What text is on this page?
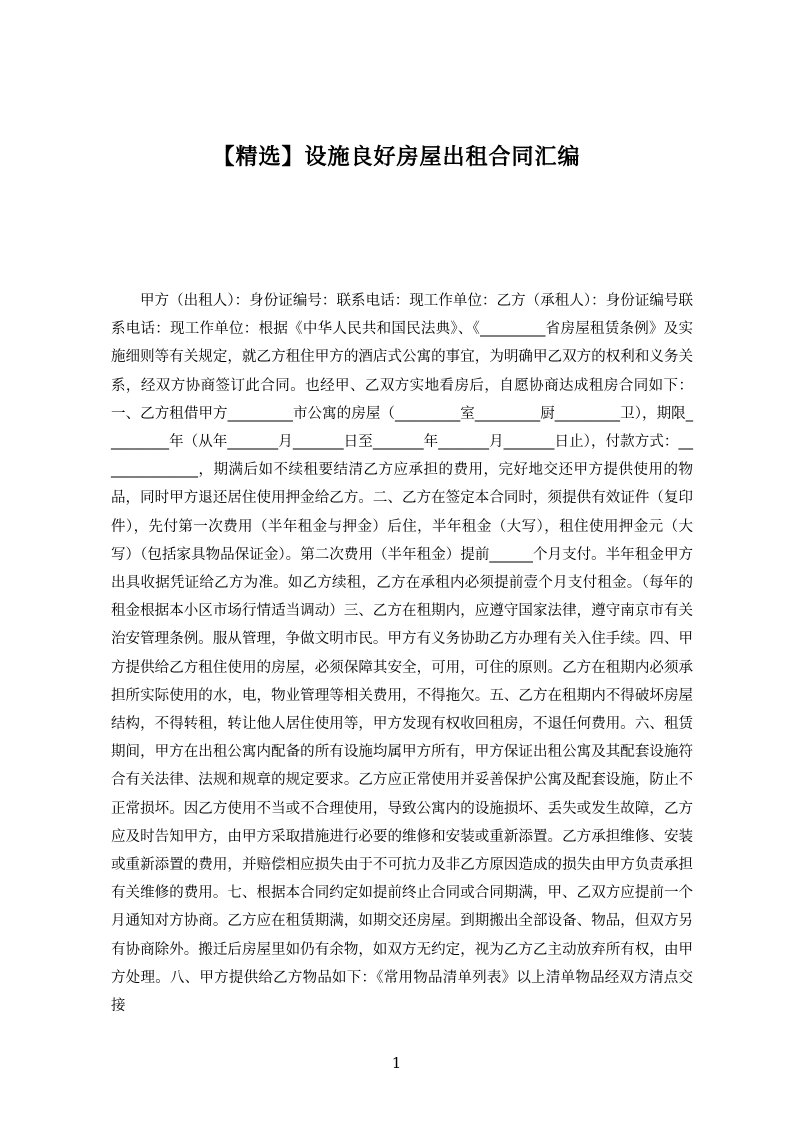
【精选】设施良好房屋出租合同汇编

甲方（出租人）：身份证编号：联系电话：现工作单位：乙方（承租人）：身份证编号联系电话：现工作单位：根据《中华人民共和国民法典》、《_________省房屋租赁条例》及实施细则等有关规定，就乙方租住甲方的酒店式公寓的事宜，为明确甲乙双方的权利和义务关系，经双方协商签订此合同。也经甲、乙双方实地看房后，自愿协商达成租房合同如下：一、乙方租借甲方_________市公寓的房屋（_________室_________厨_________卫），期限_________年（从年_______月_______日至_______年_______月_______日止），付款方式：______________，期满后如不续租要结清乙方应承担的费用，完好地交还甲方提供使用的物品，同时甲方退还居住使用押金给乙方。二、乙方在签定本合同时，须提供有效证件（复印件），先付第一次费用（半年租金与押金）后住，半年租金（大写），租住使用押金元（大写）（包括家具物品保证金）。第二次费用（半年租金）提前______个月支付。半年租金甲方出具收据凭证给乙方为准。如乙方续租，乙方在承租内必须提前壹个月支付租金。（每年的租金根据本小区市场行情适当调动）三、乙方在租期内，应遵守国家法律，遵守南京市有关治安管理条例。服从管理，争做文明市民。甲方有义务协助乙方办理有关入住手续。四、甲方提供给乙方租住使用的房屋，必须保障其安全，可用，可住的原则。乙方在租期内必须承担所实际使用的水，电，物业管理等相关费用，不得拖欠。五、乙方在租期内不得破坏房屋结构，不得转租，转让他人居住使用等，甲方发现有权收回租房，不退任何费用。六、租赁期间，甲方在出租公寓内配备的所有设施均属甲方所有，甲方保证出租公寓及其配套设施符合有关法律、法规和规章的规定要求。乙方应正常使用并妥善保护公寓及配套设施，防止不正常损坏。因乙方使用不当或不合理使用，导致公寓内的设施损坏、丢失或发生故障，乙方应及时告知甲方，由甲方采取措施进行必要的维修和安装或重新添置。乙方承担维修、安装或重新添置的费用，并赔偿相应损失由于不可抗力及非乙方原因造成的损失由甲方负责承担有关维修的费用。七、根据本合同约定如提前终止合同或合同期满，甲、乙双方应提前一个月通知对方协商。乙方应在租赁期满，如期交还房屋。到期搬出全部设备、物品，但双方另有协商除外。搬迁后房屋里如仍有余物，如双方无约定，视为乙方乙主动放弃所有权，由甲方处理。八、甲方提供给乙方物品如下：《常用物品清单列表》以上清单物品经双方清点交接

1
